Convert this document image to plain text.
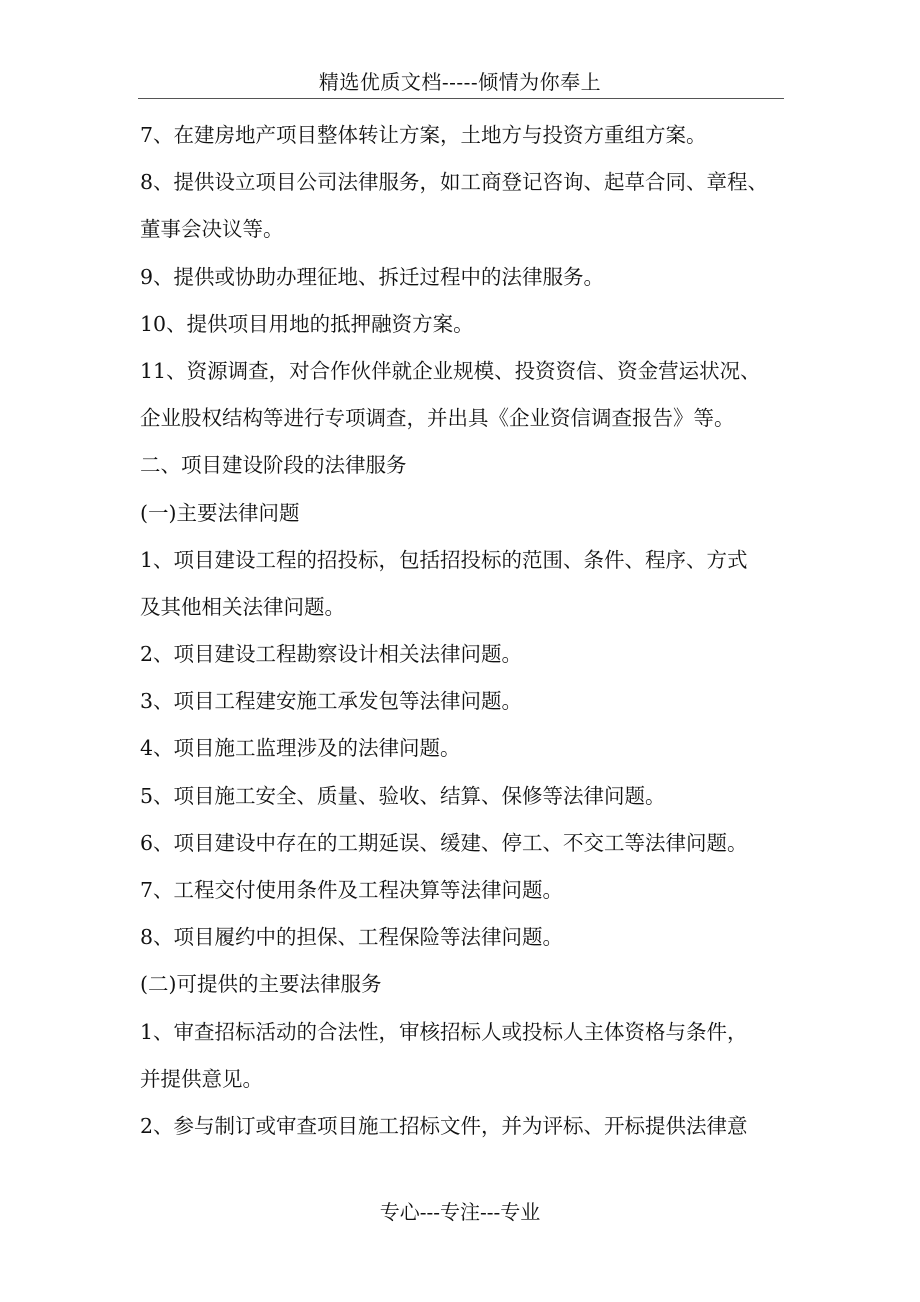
精选优质文档-----倾情为你奉上
7、在建房地产项目整体转让方案，土地方与投资方重组方案。
8、提供设立项目公司法律服务，如工商登记咨询、起草合同、章程、
董事会决议等。
9、提供或协助办理征地、拆迁过程中的法律服务。
10、提供项目用地的抵押融资方案。
11、资源调查，对合作伙伴就企业规模、投资资信、资金营运状况、
企业股权结构等进行专项调查，并出具《企业资信调查报告》等。
二、项目建设阶段的法律服务
(一)主要法律问题
1、项目建设工程的招投标，包括招投标的范围、条件、程序、方式
及其他相关法律问题。
2、项目建设工程勘察设计相关法律问题。
3、项目工程建安施工承发包等法律问题。
4、项目施工监理涉及的法律问题。
5、项目施工安全、质量、验收、结算、保修等法律问题。
6、项目建设中存在的工期延误、缓建、停工、不交工等法律问题。
7、工程交付使用条件及工程决算等法律问题。
8、项目履约中的担保、工程保险等法律问题。
(二)可提供的主要法律服务
1、审查招标活动的合法性，审核招标人或投标人主体资格与条件，
并提供意见。
2、参与制订或审查项目施工招标文件，并为评标、开标提供法律意
专心---专注---专业
